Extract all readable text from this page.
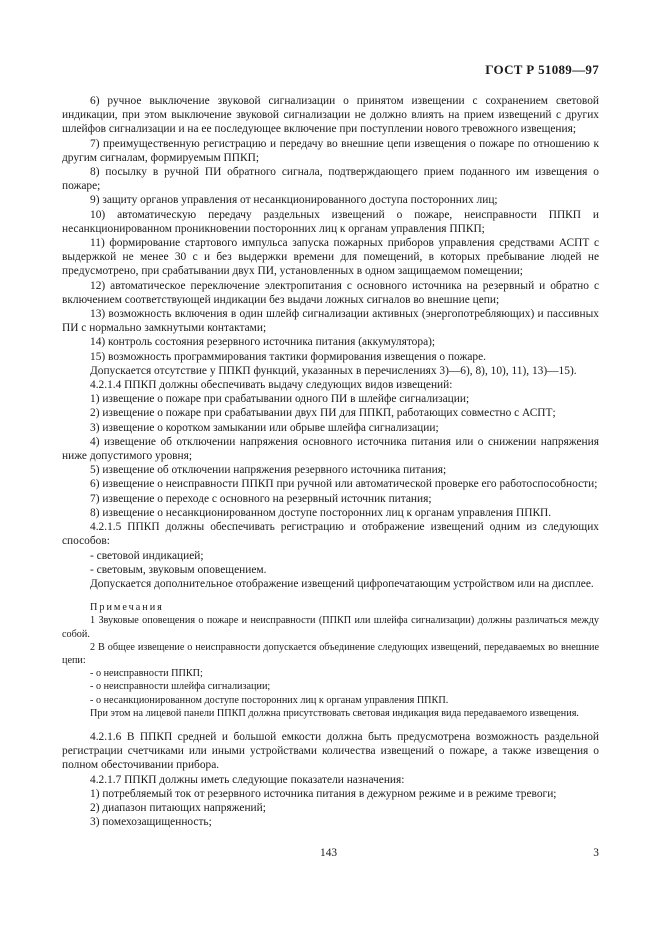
ГОСТ Р 51089—97

6) ручное выключение звуковой сигнализации о принятом извещении с сохранением световой индикации, при этом выключение звуковой сигнализации не должно влиять на прием извещений с других шлейфов сигнализации и на ее последующее включение при поступлении нового тревожного извещения;

7) преимущественную регистрацию и передачу во внешние цепи извещения о пожаре по отношению к другим сигналам, формируемым ППКП;

8) посылку в ручной ПИ обратного сигнала, подтверждающего прием поданного им извещения о пожаре;

9) защиту органов управления от несанкционированного доступа посторонних лиц;

10) автоматическую передачу раздельных извещений о пожаре, неисправности ППКП и несанкционированном проникновении посторонних лиц к органам управления ППКП;

11) формирование стартового импульса запуска пожарных приборов управления средствами АСПТ с выдержкой не менее 30 с и без выдержки времени для помещений, в которых пребывание людей не предусмотрено, при срабатывании двух ПИ, установленных в одном защищаемом помещении;

12) автоматическое переключение электропитания с основного источника на резервный и обратно с включением соответствующей индикации без выдачи ложных сигналов во внешние цепи;

13) возможность включения в один шлейф сигнализации активных (энергопотребляющих) и пассивных ПИ с нормально замкнутыми контактами;

14) контроль состояния резервного источника питания (аккумулятора);

15) возможность программирования тактики формирования извещения о пожаре.

Допускается отсутствие у ППКП функций, указанных в перечислениях 3)—6), 8), 10), 11), 13)—15).

4.2.1.4 ППКП должны обеспечивать выдачу следующих видов извещений:

1) извещение о пожаре при срабатывании одного ПИ в шлейфе сигнализации;

2) извещение о пожаре при срабатывании двух ПИ для ППКП, работающих совместно с АСПТ;

3) извещение о коротком замыкании или обрыве шлейфа сигнализации;

4) извещение об отключении напряжения основного источника питания или о снижении напряжения ниже допустимого уровня;

5) извещение об отключении напряжения резервного источника питания;

6) извещение о неисправности ППКП при ручной или автоматической проверке его работоспособности;

7) извещение о переходе с основного на резервный источник питания;

8) извещение о несанкционированном доступе посторонних лиц к органам управления ППКП.

4.2.1.5 ППКП должны обеспечивать регистрацию и отображение извещений одним из следующих способов:

- световой индикацией;

- световым, звуковым оповещением.

Допускается дополнительное отображение извещений цифропечатающим устройством или на дисплее.

Примечания

1 Звуковые оповещения о пожаре и неисправности (ППКП или шлейфа сигнализации) должны различаться между собой.

2 В общее извещение о неисправности допускается объединение следующих извещений, передаваемых во внешние цепи:

- о неисправности ППКП;

- о неисправности шлейфа сигнализации;

- о несанкционированном доступе посторонних лиц к органам управления ППКП.

При этом на лицевой панели ППКП должна присутствовать световая индикация вида передаваемого извещения.

4.2.1.6 В ППКП средней и большой емкости должна быть предусмотрена возможность раздельной регистрации счетчиками или иными устройствами количества извещений о пожаре, а также извещения о полном обесточивании прибора.

4.2.1.7 ППКП должны иметь следующие показатели назначения:

1) потребляемый ток от резервного источника питания в дежурном режиме и в режиме тревоги;

2) диапазон питающих напряжений;

3) помехозащищенность;

143	3
